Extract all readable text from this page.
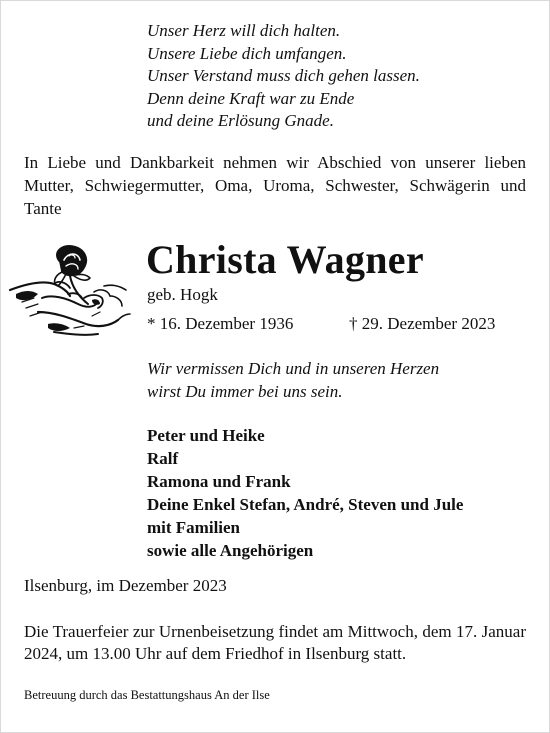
Unser Herz will dich halten.
Unsere Liebe dich umfangen.
Unser Verstand muss dich gehen lassen.
Denn deine Kraft war zu Ende
und deine Erlösung Gnade.
In Liebe und Dankbarkeit nehmen wir Abschied von unserer lieben Mutter, Schwiegermutter, Oma, Uroma, Schwester, Schwägerin und Tante
Christa Wagner
geb. Hogk
* 16. Dezember 1936	† 29. Dezember 2023
Wir vermissen Dich und in unseren Herzen
wirst Du immer bei uns sein.
Peter und Heike
Ralf
Ramona und Frank
Deine Enkel Stefan, André, Steven und Jule
mit Familien
sowie alle Angehörigen
Ilsenburg, im Dezember 2023
Die Trauerfeier zur Urnenbeisetzung findet am Mittwoch, dem 17. Januar 2024, um 13.00 Uhr auf dem Friedhof in Ilsenburg statt.
Betreuung durch das Bestattungshaus An der Ilse
